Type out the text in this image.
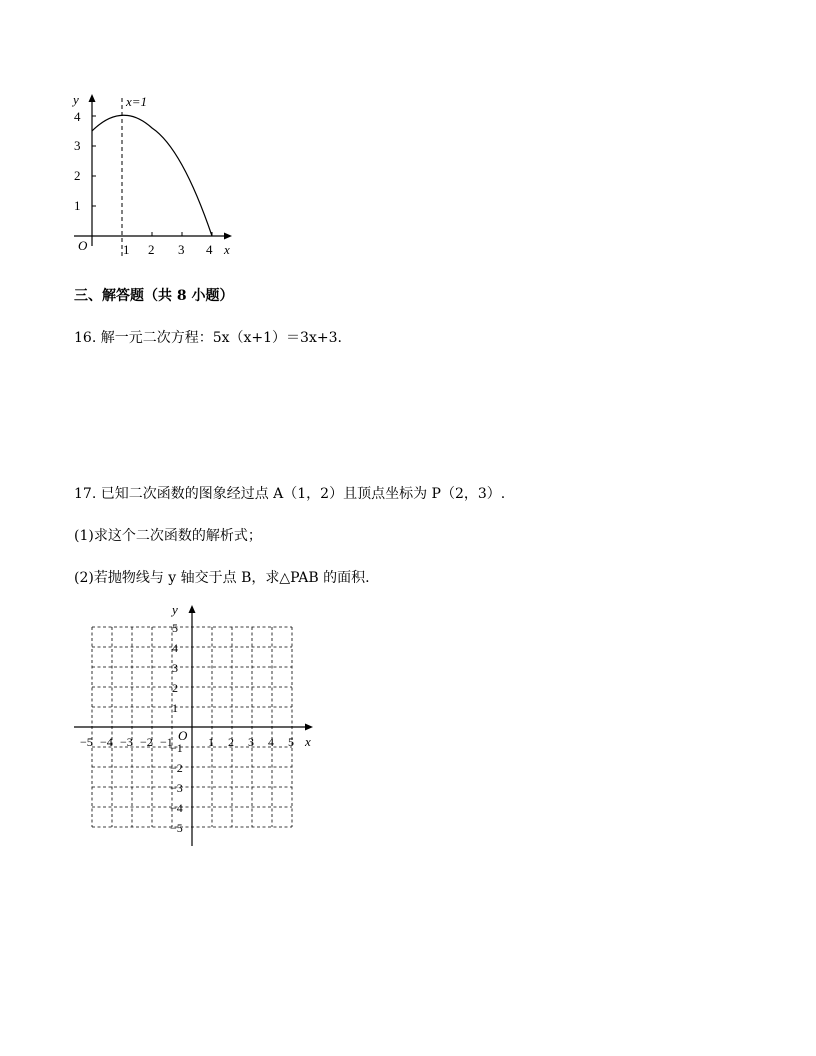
y
x
O
x=1
1 2 3 4
1
2
3
4
三、解答题（共 8 小题）
16. 解一元二次方程：5x（x+1）＝3x+3.
17. 已知二次函数的图象经过点 A（1，2）且顶点坐标为 P（2，3）.
(1)求这个二次函数的解析式；
(2)若抛物线与 y 轴交于点 B，求△PAB 的面积.
1 2 3 4 5
−5 −4 −3 −2 −1
1
2
3
4
5
−1
−2
−3
−4
−5
y
x
O
